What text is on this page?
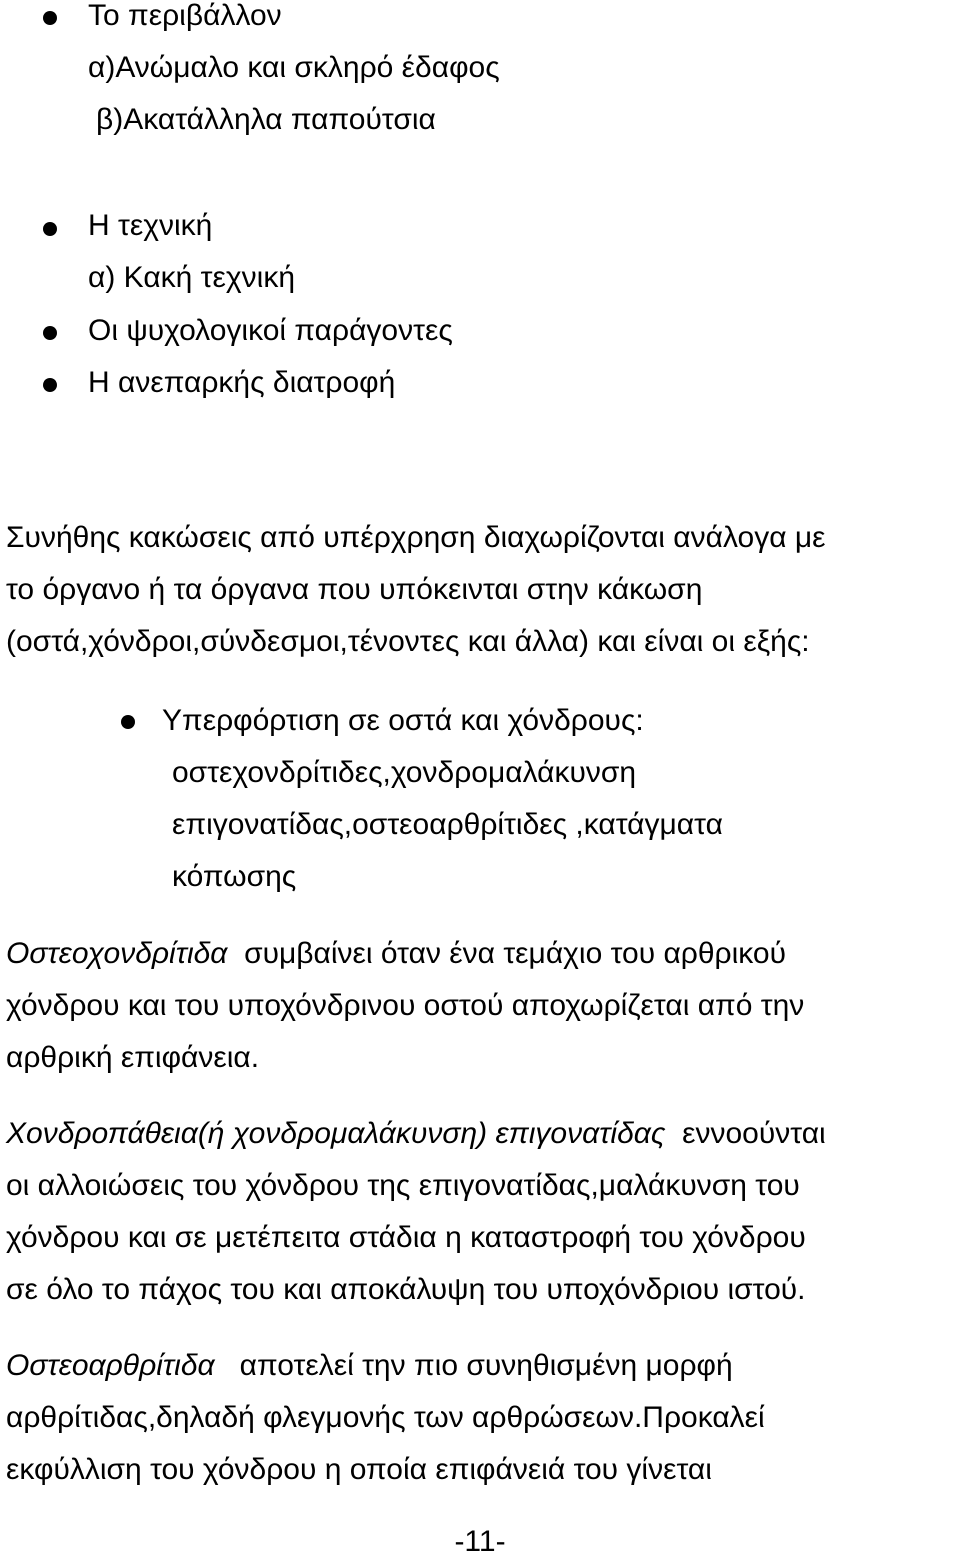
Το περιβάλλον
α)Ανώμαλο και σκληρό έδαφος
β)Ακατάλληλα παπούτσια
Η τεχνική
α) Κακή τεχνική
Οι ψυχολογικοί παράγοντες
Η ανεπαρκής διατροφή
Συνήθης κακώσεις από υπέρχρηση διαχωρίζονται ανάλογα με
το όργανο ή τα όργανα που υπόκεινται στην κάκωση
(οστά,χόνδροι,σύνδεσμοι,τένοντες και άλλα) και είναι οι εξής:
Υπερφόρτιση σε οστά και χόνδρους:
οστεχονδρίτιδες,χονδρομαλάκυνση
επιγονατίδας,οστεοαρθρίτιδες ,κατάγματα
κόπωσης
Οστεοχονδρίτιδα συμβαίνει όταν ένα τεμάχιο του αρθρικού
χόνδρου και του υποχόνδρινου οστού αποχωρίζεται από την
αρθρική επιφάνεια.
Χονδροπάθεια(ή χονδρομαλάκυνση) επιγονατίδας εννοούνται
οι αλλοιώσεις του χόνδρου της επιγονατίδας,μαλάκυνση του
χόνδρου και σε μετέπειτα στάδια η καταστροφή του χόνδρου
σε όλο το πάχος του και αποκάλυψη του υποχόνδριου ιστού.
Οστεοαρθρίτιδα αποτελεί την πιο συνηθισμένη μορφή
αρθρίτιδας,δηλαδή φλεγμονής των αρθρώσεων.Προκαλεί
εκφύλλιση του χόνδρου η οποία επιφάνειά του γίνεται
-11-
